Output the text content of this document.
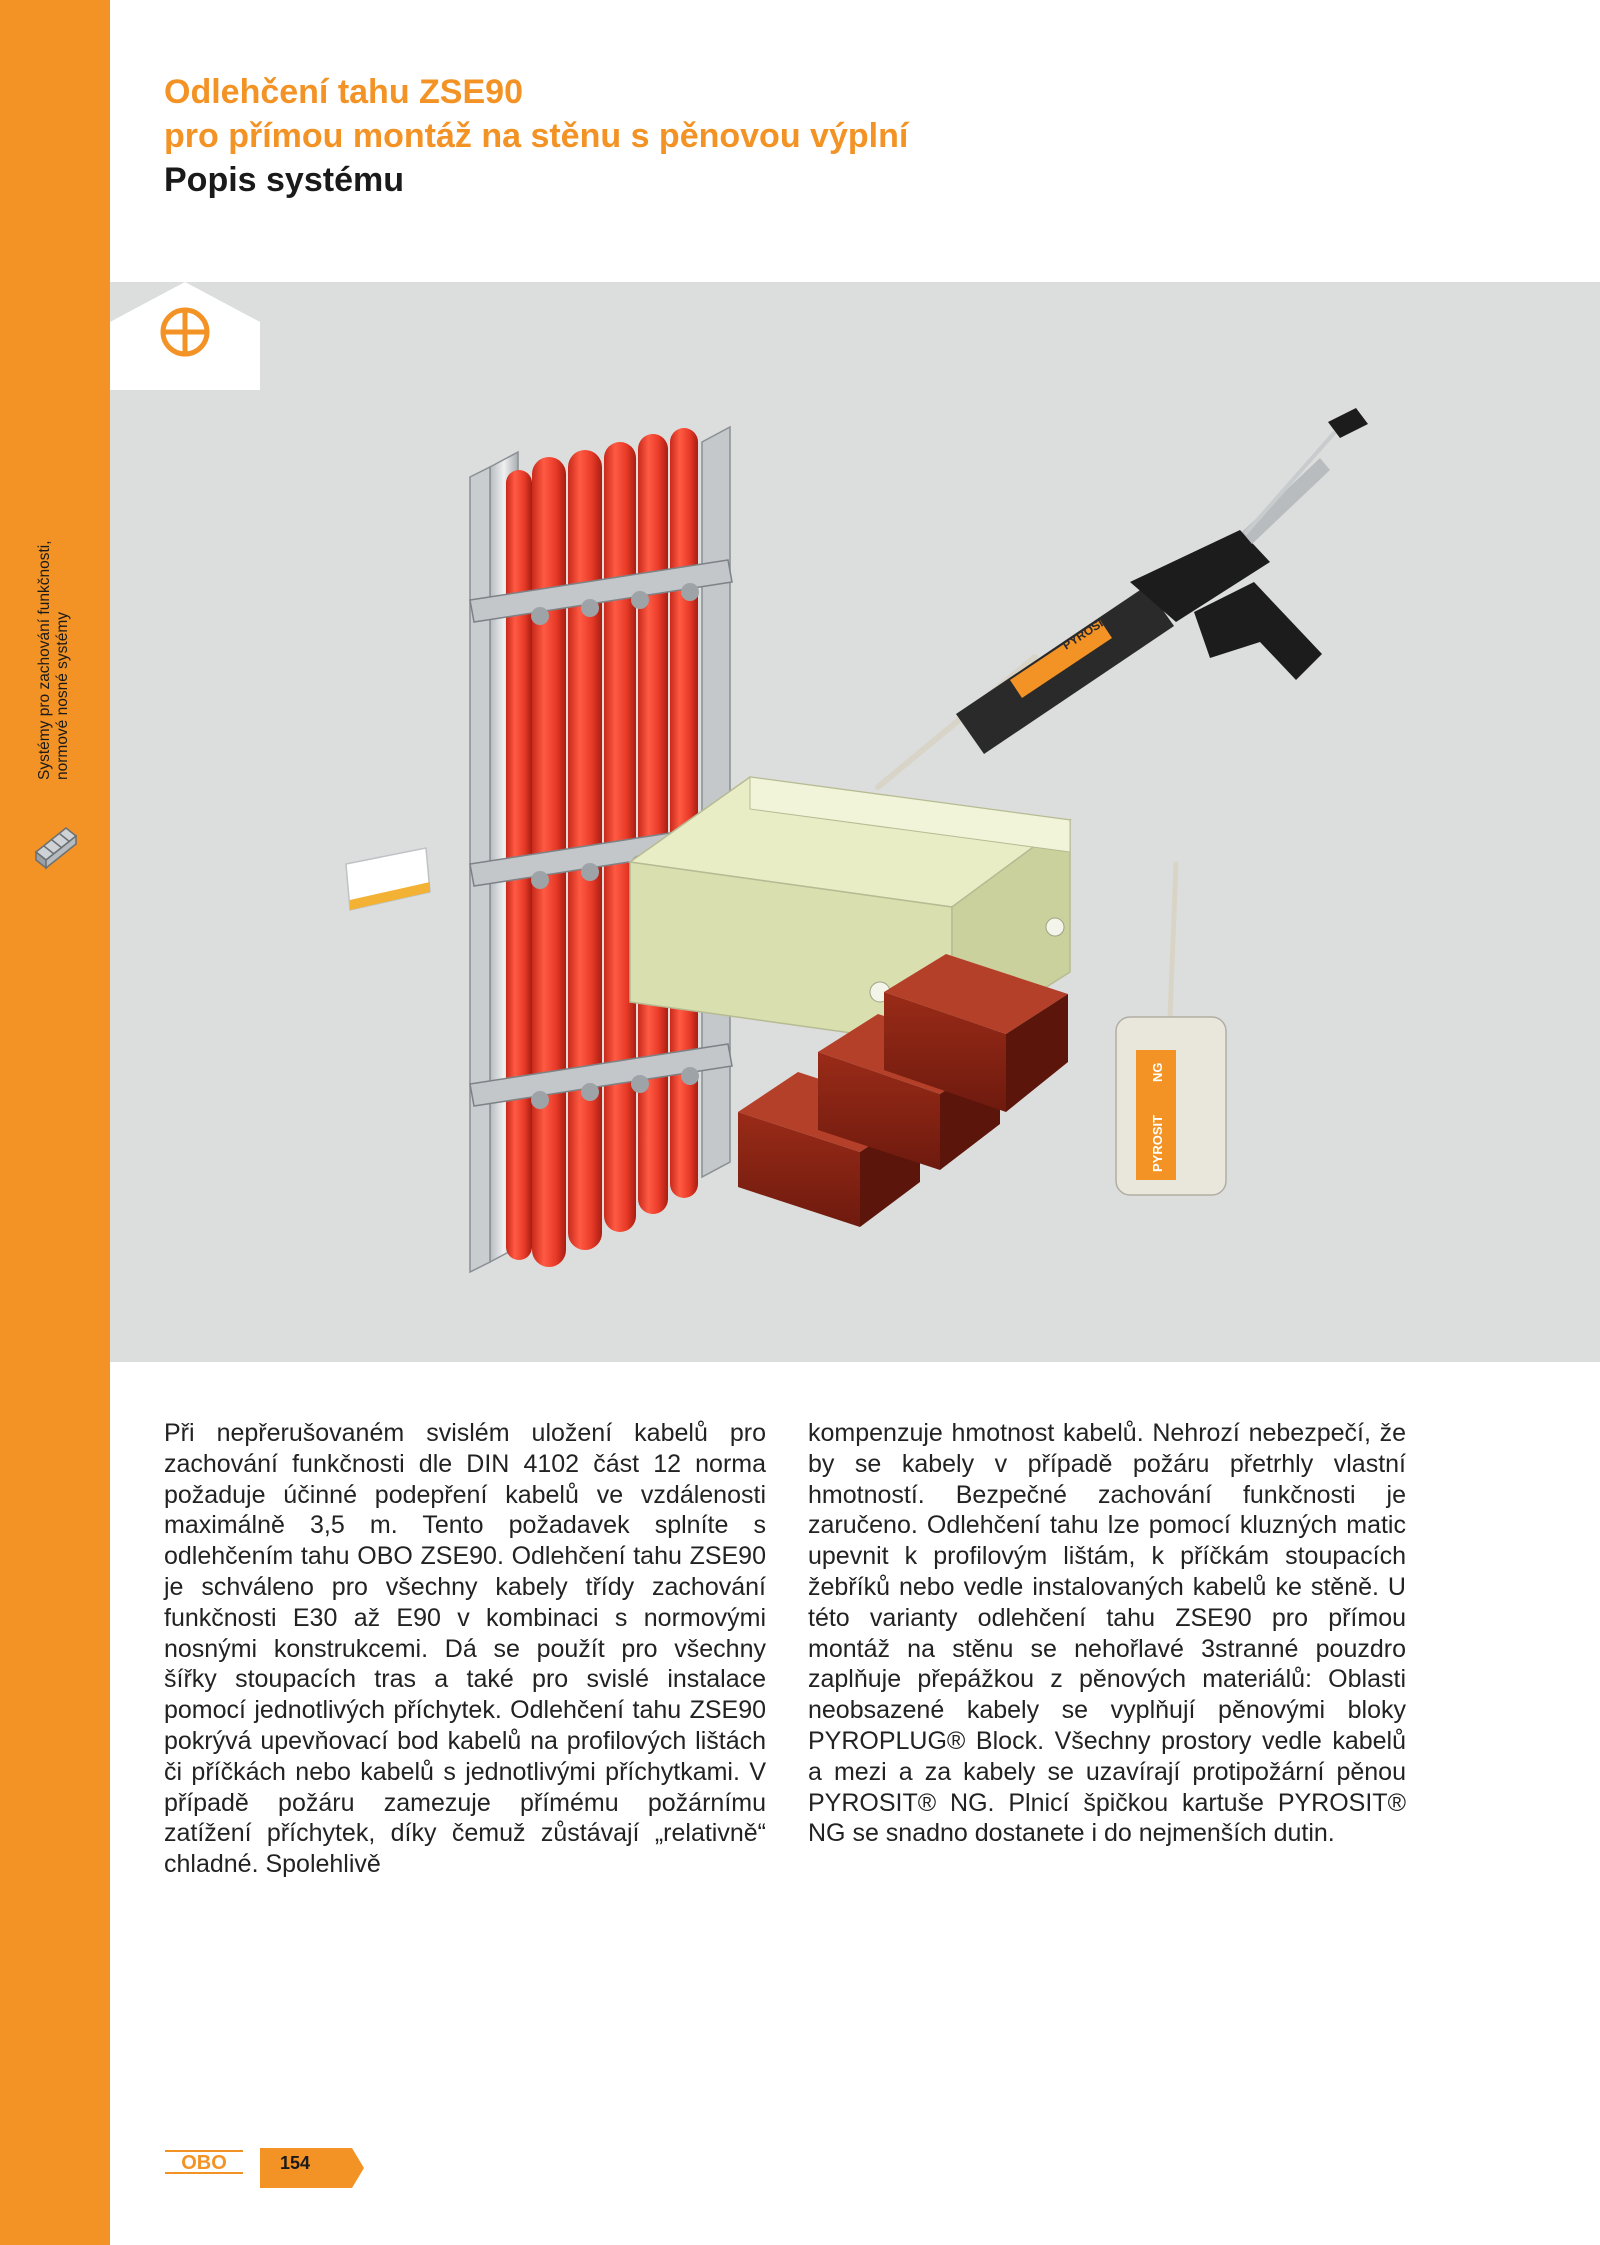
Systémy pro zachování funkčnosti, normové nosné systémy
Odlehčení tahu ZSE90
pro přímou montáž na stěnu s pěnovou výplní
Popis systému
PYROSIT
PYROSIT
NG
Při nepřerušovaném svislém uložení kabelů pro zachování funkčnosti dle DIN 4102 část 12 norma požaduje účinné podepření kabelů ve vzdálenosti maximálně 3,5 m. Tento požadavek splníte s odlehčením tahu OBO ZSE90. Odlehčení tahu ZSE90 je schváleno pro všechny kabely třídy zachování funkčnosti E30 až E90 v kombinaci s normovými nosnými konstrukcemi. Dá se použít pro všechny šířky stoupacích tras a také pro svislé instalace pomocí jednotlivých příchytek. Odlehčení tahu ZSE90 pokrývá upevňovací bod kabelů na profilových lištách či příčkách nebo kabelů s jednotlivými příchytkami. V případě požáru zamezuje přímému požárnímu zatížení příchytek, díky čemuž zůstávají „relativně“ chladné. Spolehlivě
kompenzuje hmotnost kabelů. Nehrozí nebezpečí, že by se kabely v případě požáru přetrhly vlastní hmotností. Bezpečné zachování funkčnosti je zaručeno. Odlehčení tahu lze pomocí kluzných matic upevnit k profilovým lištám, k příčkám stoupacích žebříků nebo vedle instalovaných kabelů ke stěně. U této varianty odlehčení tahu ZSE90 pro přímou montáž na stěnu se nehořlavé 3stranné pouzdro zaplňuje přepážkou z pěnových materiálů: Oblasti neobsazené kabely se vyplňují pěnovými bloky PYROPLUG® Block. Všechny prostory vedle kabelů a mezi a za kabely se uzavírají protipožární pěnou PYROSIT® NG. Plnicí špičkou kartuše PYROSIT® NG se snadno dostanete i do nejmenších dutin.
OBO	154
